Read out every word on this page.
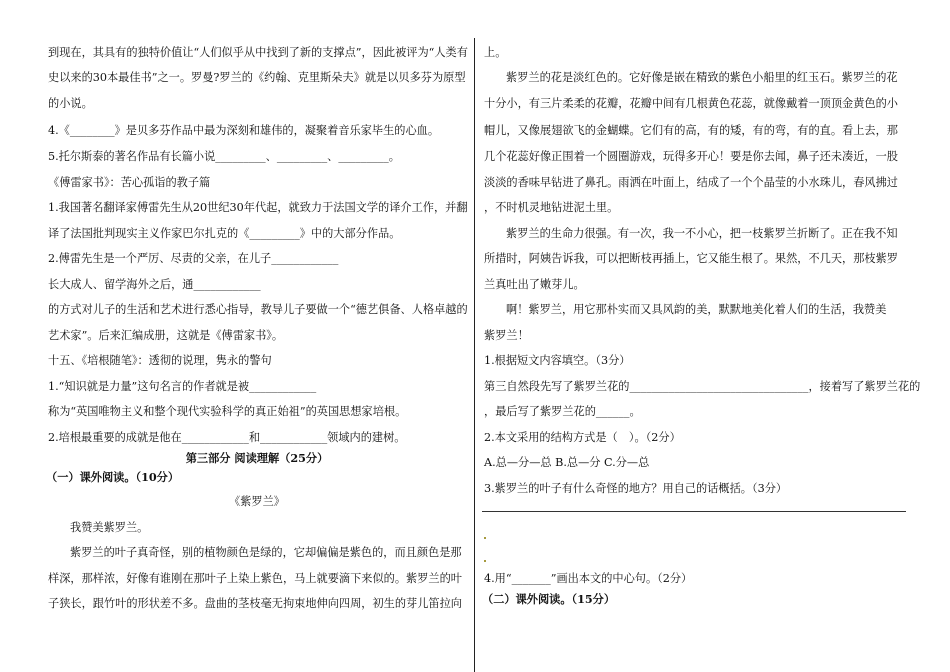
到现在，其具有的独特价值让“人们似乎从中找到了新的支撑点”，因此被评为“人类有
史以来的30本最佳书”之一。罗曼?罗兰的《约翰、克里斯朵夫》就是以贝多芬为原型
的小说。
4.《________》是贝多芬作品中最为深刻和雄伟的，凝聚着音乐家毕生的心血。
5.托尔斯泰的著名作品有长篇小说_________、_________、_________。
《傅雷家书》：苦心孤诣的教子篇
1.我国著名翻译家傅雷先生从20世纪30年代起，就致力于法国文学的译介工作，并翻
译了法国批判现实主义作家巴尔扎克的《_________》中的大部分作品。
2.傅雷先生是一个严厉、尽责的父亲，在儿子____________
长大成人、留学海外之后，通____________
的方式对儿子的生活和艺术进行悉心指导，教导儿子要做一个“德艺俱备、人格卓越的
艺术家”。后来汇编成册，这就是《傅雷家书》。
十五、《培根随笔》：透彻的说理，隽永的警句
1.“知识就是力量”这句名言的作者就是被____________
称为“英国唯物主义和整个现代实验科学的真正始祖”的英国思想家培根。
2.培根最重要的成就是他在____________和____________领域内的建树。
第三部分 阅读理解（25分）
（一）课外阅读。（10分）
《紫罗兰》
我赞美紫罗兰。
紫罗兰的叶子真奇怪，别的植物颜色是绿的，它却偏偏是紫色的，而且颜色是那
样深，那样浓，好像有谁刚在那叶子上染上紫色，马上就要滴下来似的。紫罗兰的叶
子狭长，跟竹叶的形状差不多。盘曲的茎枝毫无拘束地伸向四周，初生的芽儿笛拉向
上。
紫罗兰的花是淡红色的。它好像是嵌在精致的紫色小船里的红玉石。紫罗兰的花
十分小，有三片柔柔的花瓣，花瓣中间有几根黄色花蕊，就像戴着一顶顶金黄色的小
帽儿，又像展翅欲飞的金蝴蝶。它们有的高，有的矮，有的弯，有的直。看上去，那
几个花蕊好像正围着一个圆圈游戏，玩得多开心！要是你去闻，鼻子还未凑近，一股
淡淡的香味早钻进了鼻孔。雨洒在叶面上，结成了一个个晶莹的小水珠儿，春风拂过
，不时机灵地钻进泥土里。
紫罗兰的生命力很强。有一次，我一不小心，把一枝紫罗兰折断了。正在我不知
所措时，阿姨告诉我，可以把断枝再插上，它又能生根了。果然，不几天，那枝紫罗
兰真吐出了嫩芽儿。
啊！紫罗兰，用它那朴实而又具风韵的美，默默地美化着人们的生活，我赞美
紫罗兰！
1.根据短文内容填空。（3分）
第三自然段先写了紫罗兰花的________________________________，接着写了紫罗兰花的
，最后写了紫罗兰花的______。
2.本文采用的结构方式是（　）。（2分）
A.总—分—总 B.总—分 C.分—总
3.紫罗兰的叶子有什么奇怪的地方？用自己的话概括。（3分）
4.用“_______”画出本文的中心句。（2分）
（二）课外阅读。（15分）
